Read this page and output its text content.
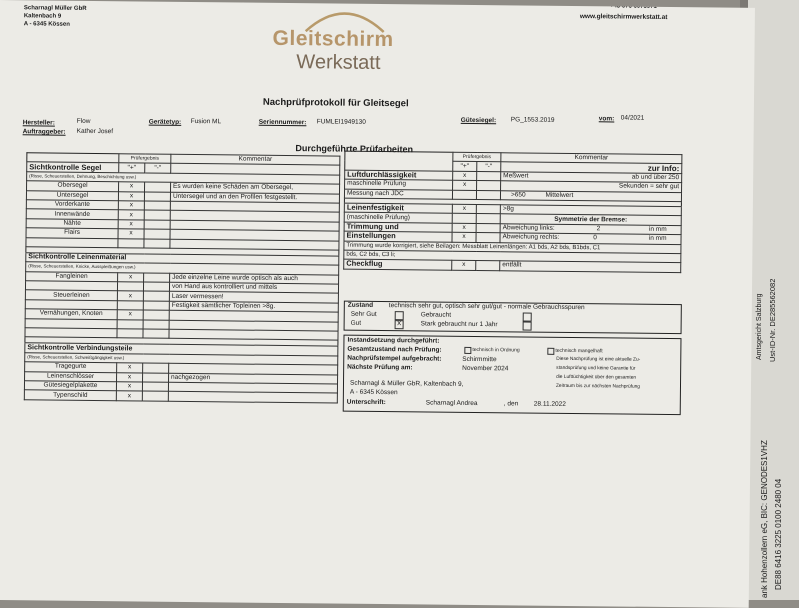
Amtsgericht Salzburg Ust-ID-Nr. DE285562082
ank Hohenzollern eG, BIC: GENODES1VHZ DE88 6416 3225 0100 2480 04
Scharnagl Müller GbR
Kaltenbach 9
A - 6345 Kössen
+43 676 6075971
www.gleitschirmwerkstatt.at
Gleitschirm
Werkstatt
Nachprüfprotokoll für Gleitsegel
Hersteller:	Flow	Gerätetyp: Fusion ML	Seriennummer: FUMLEI1949130	Gütesiegel: PG_1553.2019	vom: 04/2021
Auftraggeber: Kather Josef
Durchgeführte Prüfarbeiten
	Prüfergebnis		Kommentar
Sichtkontrolle Segel	"+"	"-"	
(Risse, Scheuerstellen, Dehnung, Beschichtung usw.)			
Obersegel	x		Es wurden keine Schäden am Obersegel,
Untersegel	x		Untersegel und an den Profilen festgestellt.
Vorderkante	x		
Innenwände	x		
Nähte	x		
Flairs	x		

Sichtkontrolle Leinenmaterial			
(Risse, Scheuerstellen, Knicke, Ausspleißungen usw.)			
Fangleinen	x		Jede einzelne Leine wurde optisch als auch
			von Hand aus kontrolliert und mittels
Steuerleinen	x		Laser vermessen!
			Festigkeit sämtlicher Topleinen >8g.
Vernähungen, Knoten	x		

Sichtkontrolle Verbindungsteile			
(Risse, Scheuerstellen, Schweißgängigkeit usw.)			
Tragegurte	x		
Leinenschlösser	x		nachgezogen
Gütesiegelplakette	x		
Typenschild	x		
	Prüfergebnis		Kommentar
	"+"	"-"	zur Info:
Luftdurchlässigkeit	x		Meßwert ab und über 250

maschinelle Prüfung	x		Sekunden = sehr gut

Messung nach JDC			>650 Mittelwert

Leinenfestigkeit	x		>8g
(maschinelle Prüfung)			Symmetrie der Bremse:
Trimmung und	x		Abweichung links: 2 in mm

Einstellungen	x		Abweichung rechts: 0 in mm

Trimmung wurde korrigiert, siehe Beilagen: Messblatt Leinenlängen: A1 bds, A2 bds, B1bds, C1			
bds, C2 bds, C3 li;			
Checkflug	x		entfällt
Zustand technisch sehr gut, optisch sehr gut/gut - normale Gebrauchsspuren
Sehr Gut	Gebraucht
Gut	X	Stark gebraucht nur 1 Jahr
Instandsetzung durchgeführt:
Gesamtzustand nach Prüfung:	technisch in Ordnung	technisch mangelhaft
Nachprüfstempel aufgebracht:	Schirmmitte
Nächste Prüfung am:	November 2024
Diese Nachprüfung ist eine aktuelle Zu-
standsprüfung und keine Garantie für
die Lufttüchtigkeit über den gesamten
Zeitraum bis zur nächsten Nachprüfung
Scharnagl & Müller GbR, Kaltenbach 9,
A - 6345 Kössen
Unterschrift:	Scharnagl Andrea	, den 28.11.2022
